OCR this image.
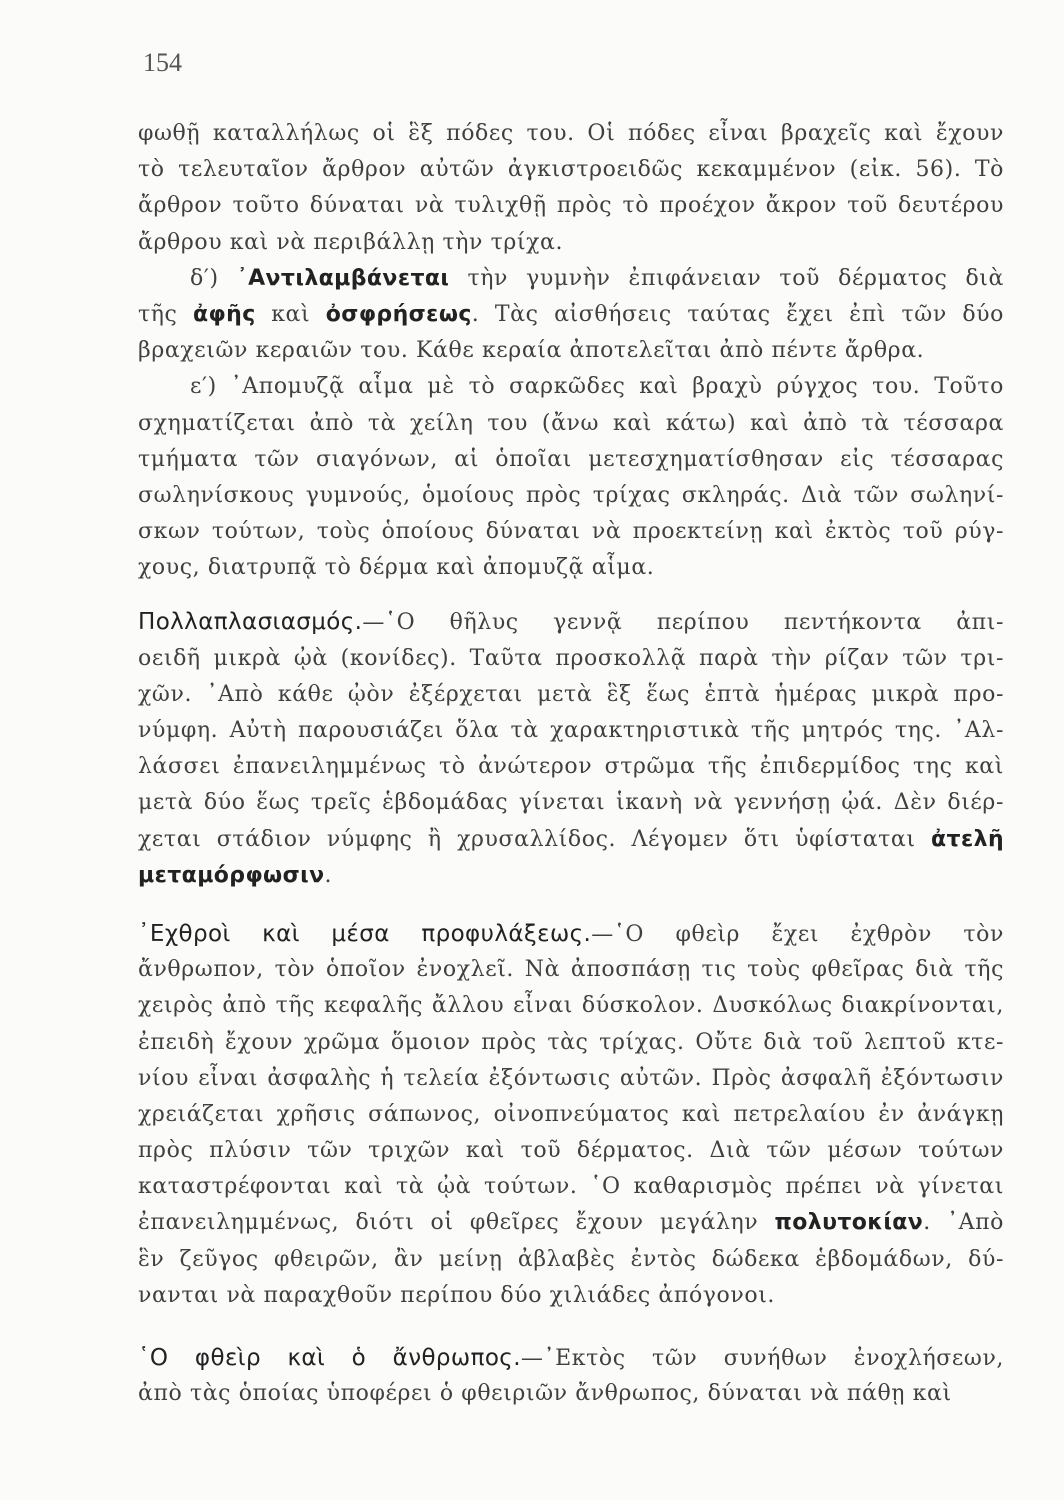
154
φωθῇ καταλλήλως οἱ ἓξ πόδες του. Οἱ πόδες εἶναι βραχεῖς καὶ ἔχουν
τὸ τελευταῖον ἄρθρον αὐτῶν ἀγκιστροειδῶς κεκαμμένον (εἰκ. 56). Τὸ
ἄρθρον τοῦτο δύναται νὰ τυλιχθῇ πρὸς τὸ προέχον ἄκρον τοῦ δευτέρου
ἄρθρου καὶ νὰ περιβάλλῃ τὴν τρίχα.
δ′) ᾿Αντιλαμβάνεται τὴν γυμνὴν ἐπιφάνειαν τοῦ δέρματος διὰ
τῆς ἀφῆς καὶ ὀσφρήσεως. Τὰς αἰσθήσεις ταύτας ἔχει ἐπὶ τῶν δύο
βραχειῶν κεραιῶν του. Κάθε κεραία ἀποτελεῖται ἀπὸ πέντε ἄρθρα.
ε′) ᾿Απομυζᾷ αἷμα μὲ τὸ σαρκῶδες καὶ βραχὺ ρύγχος του. Τοῦτο
σχηματίζεται ἀπὸ τὰ χείλη του (ἄνω καὶ κάτω) καὶ ἀπὸ τὰ τέσσαρα
τμήματα τῶν σιαγόνων, αἱ ὁποῖαι μετεσχηματίσθησαν εἰς τέσσαρας
σωληνίσκους γυμνούς, ὁμοίους πρὸς τρίχας σκληράς. Διὰ τῶν σωληνί-
σκων τούτων, τοὺς ὁποίους δύναται νὰ προεκτείνῃ καὶ ἐκτὸς τοῦ ρύγ-
χους, διατρυπᾷ τὸ δέρμα καὶ ἀπομυζᾷ αἷμα.
Πολλαπλασιασμός.—῾Ο θῆλυς γεννᾷ περίπου πεντήκοντα ἀπι-
οειδῆ μικρὰ ᾠὰ (κονίδες). Ταῦτα προσκολλᾷ παρὰ τὴν ρίζαν τῶν τρι-
χῶν. ᾿Απὸ κάθε ᾠὸν ἐξέρχεται μετὰ ἓξ ἕως ἑπτὰ ἡμέρας μικρὰ προ-
νύμφη. Αὐτὴ παρουσιάζει ὅλα τὰ χαρακτηριστικὰ τῆς μητρός της. ᾿Αλ-
λάσσει ἐπανειλημμένως τὸ ἀνώτερον στρῶμα τῆς ἐπιδερμίδος της καὶ
μετὰ δύο ἕως τρεῖς ἑβδομάδας γίνεται ἱκανὴ νὰ γεννήσῃ ᾠά. Δὲν διέρ-
χεται στάδιον νύμφης ἢ χρυσαλλίδος. Λέγομεν ὅτι ὑφίσταται ἀτελῆ
μεταμόρφωσιν.
᾿Εχθροὶ καὶ μέσα προφυλάξεως.—῾Ο φθεὶρ ἔχει ἐχθρὸν τὸν
ἄνθρωπον, τὸν ὁποῖον ἐνοχλεῖ. Νὰ ἀποσπάσῃ τις τοὺς φθεῖρας διὰ τῆς
χειρὸς ἀπὸ τῆς κεφαλῆς ἄλλου εἶναι δύσκολον. Δυσκόλως διακρίνονται,
ἐπειδὴ ἔχουν χρῶμα ὅμοιον πρὸς τὰς τρίχας. Οὔτε διὰ τοῦ λεπτοῦ κτε-
νίου εἶναι ἀσφαλὴς ἡ τελεία ἐξόντωσις αὐτῶν. Πρὸς ἀσφαλῆ ἐξόντωσιν
χρειάζεται χρῆσις σάπωνος, οἰνοπνεύματος καὶ πετρελαίου ἐν ἀνάγκῃ
πρὸς πλύσιν τῶν τριχῶν καὶ τοῦ δέρματος. Διὰ τῶν μέσων τούτων
καταστρέφονται καὶ τὰ ᾠὰ τούτων. ῾Ο καθαρισμὸς πρέπει νὰ γίνεται
ἐπανειλημμένως, διότι οἱ φθεῖρες ἔχουν μεγάλην πολυτοκίαν. ᾿Απὸ
ἓν ζεῦγος φθειρῶν, ἂν μείνῃ ἀβλαβὲς ἐντὸς δώδεκα ἑβδομάδων, δύ-
νανται νὰ παραχθοῦν περίπου δύο χιλιάδες ἀπόγονοι.
῾Ο φθεὶρ καὶ ὁ ἄνθρωπος.—᾿Εκτὸς τῶν συνήθων ἐνοχλήσεων,
ἀπὸ τὰς ὁποίας ὑποφέρει ὁ φθειριῶν ἄνθρωπος, δύναται νὰ πάθῃ καὶ
